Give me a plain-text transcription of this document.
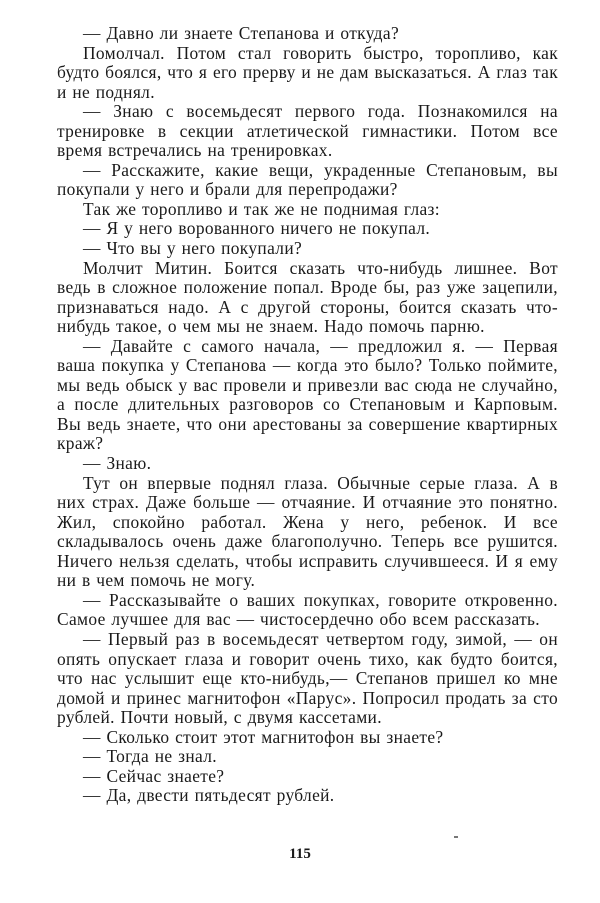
— Давно ли знаете Степанова и откуда?

Помолчал. Потом стал говорить быстро, торопливо, как будто боялся, что я его прерву и не дам высказаться. А глаз так и не поднял.

— Знаю с восемьдесят первого года. Познакомился на тренировке в секции атлетической гимнастики. Потом все время встречались на тренировках.

— Расскажите, какие вещи, украденные Степановым, вы покупали у него и брали для перепродажи?

Так же торопливо и так же не поднимая глаз:

— Я у него ворованного ничего не покупал.

— Что вы у него покупали?

Молчит Митин. Боится сказать что-нибудь лишнее. Вот ведь в сложное положение попал. Вроде бы, раз уже зацепили, признаваться надо. А с другой стороны, боится сказать что-нибудь такое, о чем мы не знаем. Надо помочь парню.

— Давайте с самого начала, — предложил я. — Первая ваша покупка у Степанова — когда это было? Только поймите, мы ведь обыск у вас провели и привезли вас сюда не случайно, а после длительных разговоров со Степановым и Карповым. Вы ведь знаете, что они арестованы за совершение квартирных краж?

— Знаю.

Тут он впервые поднял глаза. Обычные серые глаза. А в них страх. Даже больше — отчаяние. И отчаяние это понятно. Жил, спокойно работал. Жена у него, ребенок. И все складывалось очень даже благополучно. Теперь все рушится. Ничего нельзя сделать, чтобы исправить случившееся. И я ему ни в чем помочь не могу.

— Рассказывайте о ваших покупках, говорите откровенно. Самое лучшее для вас — чистосердечно обо всем рассказать.

— Первый раз в восемьдесят четвертом году, зимой, — он опять опускает глаза и говорит очень тихо, как будто боится, что нас услышит еще кто-нибудь,— Степанов пришел ко мне домой и принес магнитофон «Парус». Попросил продать за сто рублей. Почти новый, с двумя кассетами.

— Сколько стоит этот магнитофон вы знаете?

— Тогда не знал.

— Сейчас знаете?

— Да, двести пятьдесят рублей.

115
